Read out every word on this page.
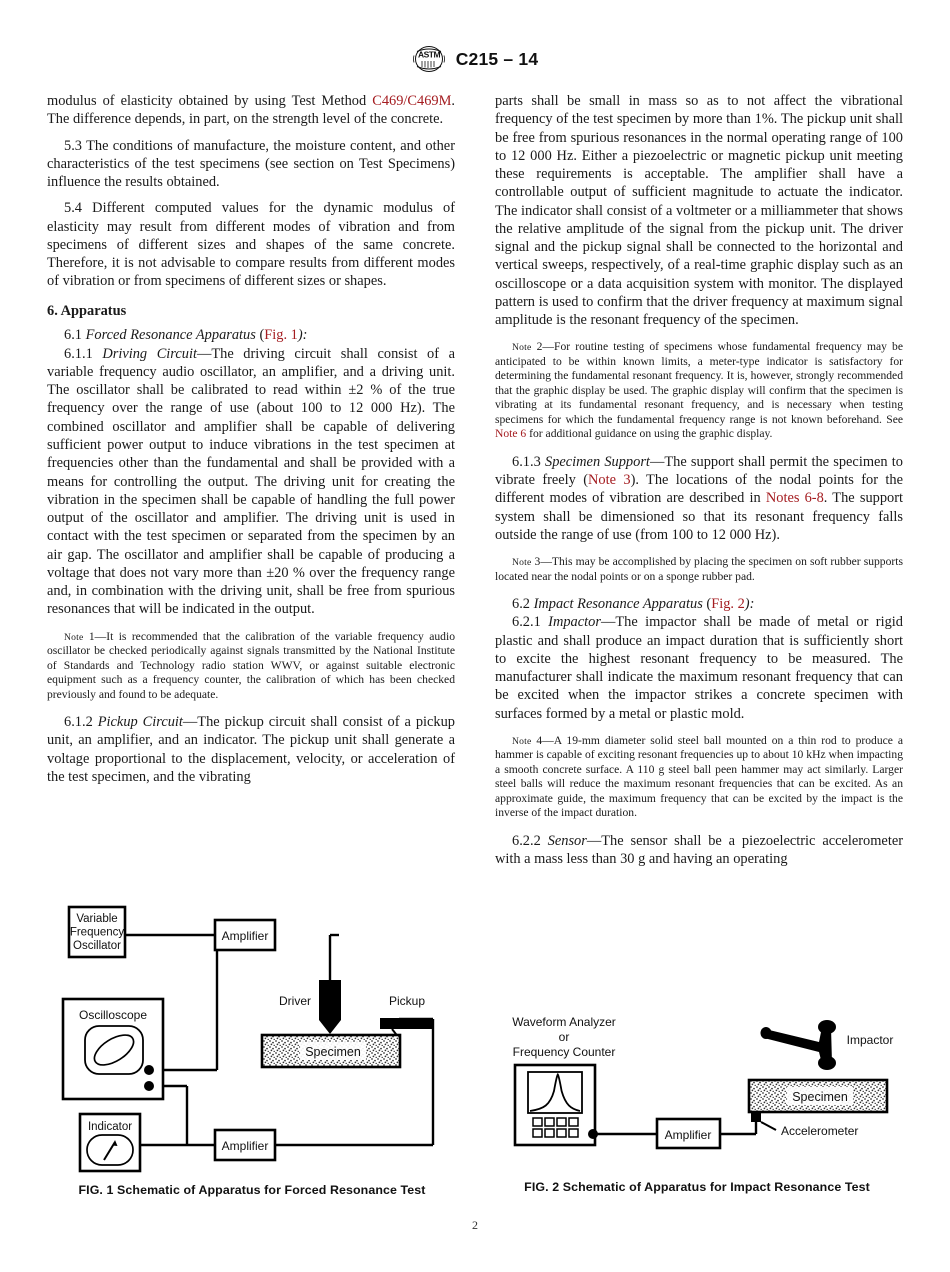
ASTM C215 – 14

modulus of elasticity obtained by using Test Method C469/C469M. The difference depends, in part, on the strength level of the concrete.

5.3 The conditions of manufacture, the moisture content, and other characteristics of the test specimens (see section on Test Specimens) influence the results obtained.

5.4 Different computed values for the dynamic modulus of elasticity may result from different modes of vibration and from specimens of different sizes and shapes of the same concrete. Therefore, it is not advisable to compare results from different modes of vibration or from specimens of different sizes or shapes.

6. Apparatus

6.1 Forced Resonance Apparatus (Fig. 1):

6.1.1 Driving Circuit—The driving circuit shall consist of a variable frequency audio oscillator, an amplifier, and a driving unit. The oscillator shall be calibrated to read within ±2 % of the true frequency over the range of use (about 100 to 12 000 Hz). The combined oscillator and amplifier shall be capable of delivering sufficient power output to induce vibrations in the test specimen at frequencies other than the fundamental and shall be provided with a means for controlling the output. The driving unit for creating the vibration in the specimen shall be capable of handling the full power output of the oscillator and amplifier. The driving unit is used in contact with the test specimen or separated from the specimen by an air gap. The oscillator and amplifier shall be capable of producing a voltage that does not vary more than ±20 % over the frequency range and, in combination with the driving unit, shall be free from spurious resonances that will be indicated in the output.

Note 1—It is recommended that the calibration of the variable frequency audio oscillator be checked periodically against signals transmitted by the National Institute of Standards and Technology radio station WWV, or against suitable electronic equipment such as a frequency counter, the calibration of which has been checked previously and found to be adequate.

6.1.2 Pickup Circuit—The pickup circuit shall consist of a pickup unit, an amplifier, and an indicator. The pickup unit shall generate a voltage proportional to the displacement, velocity, or acceleration of the test specimen, and the vibrating

parts shall be small in mass so as to not affect the vibrational frequency of the test specimen by more than 1%. The pickup unit shall be free from spurious resonances in the normal operating range of 100 to 12 000 Hz. Either a piezoelectric or magnetic pickup unit meeting these requirements is acceptable. The amplifier shall have a controllable output of sufficient magnitude to actuate the indicator. The indicator shall consist of a voltmeter or a milliammeter that shows the relative amplitude of the signal from the pickup unit. The driver signal and the pickup signal shall be connected to the horizontal and vertical sweeps, respectively, of a real-time graphic display such as an oscilloscope or a data acquisition system with monitor. The displayed pattern is used to confirm that the driver frequency at maximum signal amplitude is the resonant frequency of the specimen.

Note 2—For routine testing of specimens whose fundamental frequency may be anticipated to be within known limits, a meter-type indicator is satisfactory for determining the fundamental resonant frequency. It is, however, strongly recommended that the graphic display be used. The graphic display will confirm that the specimen is vibrating at its fundamental resonant frequency, and is necessary when testing specimens for which the fundamental frequency range is not known beforehand. See Note 6 for additional guidance on using the graphic display.

6.1.3 Specimen Support—The support shall permit the specimen to vibrate freely (Note 3). The locations of the nodal points for the different modes of vibration are described in Notes 6-8. The support system shall be dimensioned so that its resonant frequency falls outside the range of use (from 100 to 12 000 Hz).

Note 3—This may be accomplished by placing the specimen on soft rubber supports located near the nodal points or on a sponge rubber pad.

6.2 Impact Resonance Apparatus (Fig. 2):

6.2.1 Impactor—The impactor shall be made of metal or rigid plastic and shall produce an impact duration that is sufficiently short to excite the highest resonant frequency to be measured. The manufacturer shall indicate the maximum resonant frequency that can be excited when the impactor strikes a concrete specimen with surfaces formed by a metal or plastic mold.

Note 4—A 19-mm diameter solid steel ball mounted on a thin rod to produce a hammer is capable of exciting resonant frequencies up to about 10 kHz when impacting a smooth concrete surface. A 110 g steel ball peen hammer may act similarly. Larger steel balls will reduce the maximum resonant frequencies that can be excited. As an approximate guide, the maximum frequency that can be excited by the impact is the inverse of the impact duration.

6.2.2 Sensor—The sensor shall be a piezoelectric accelerometer with a mass less than 30 g and having an operating

Variable
Frequency
Oscillator
Amplifier
Oscilloscope
Indicator
Amplifier
Driver	Pickup
Specimen
FIG. 1 Schematic of Apparatus for Forced Resonance Test
Waveform Analyzer
or
Frequency Counter
Amplifier
Impactor
Specimen
Accelerometer
FIG. 2 Schematic of Apparatus for Impact Resonance Test
2
